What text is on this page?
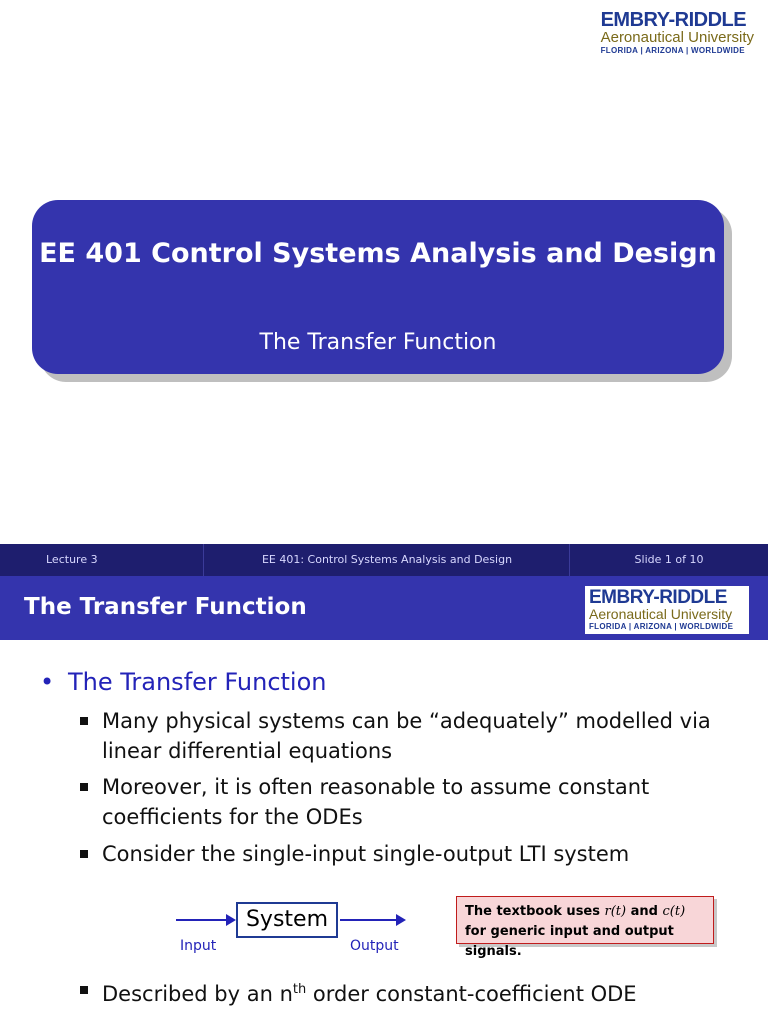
EMBRY-RIDDLE
Aeronautical University
FLORIDA | ARIZONA | WORLDWIDE
EE 401 Control Systems Analysis and Design
The Transfer Function
Lecture 3	EE 401: Control Systems Analysis and Design	Slide 1 of 10
The Transfer Function	EMBRY-RIDDLE
Aeronautical University
FLORIDA | ARIZONA | WORLDWIDE
• The Transfer Function
Many physical systems can be “adequately” modelled via linear differential equations
Moreover, it is often reasonable to assume constant coefficients for the ODEs
Consider the single-input single-output LTI system
System
Input	Output
The textbook uses r(t) and c(t) for generic input and output signals.
Described by an $n^{th}$ order constant-coefficient ODE
